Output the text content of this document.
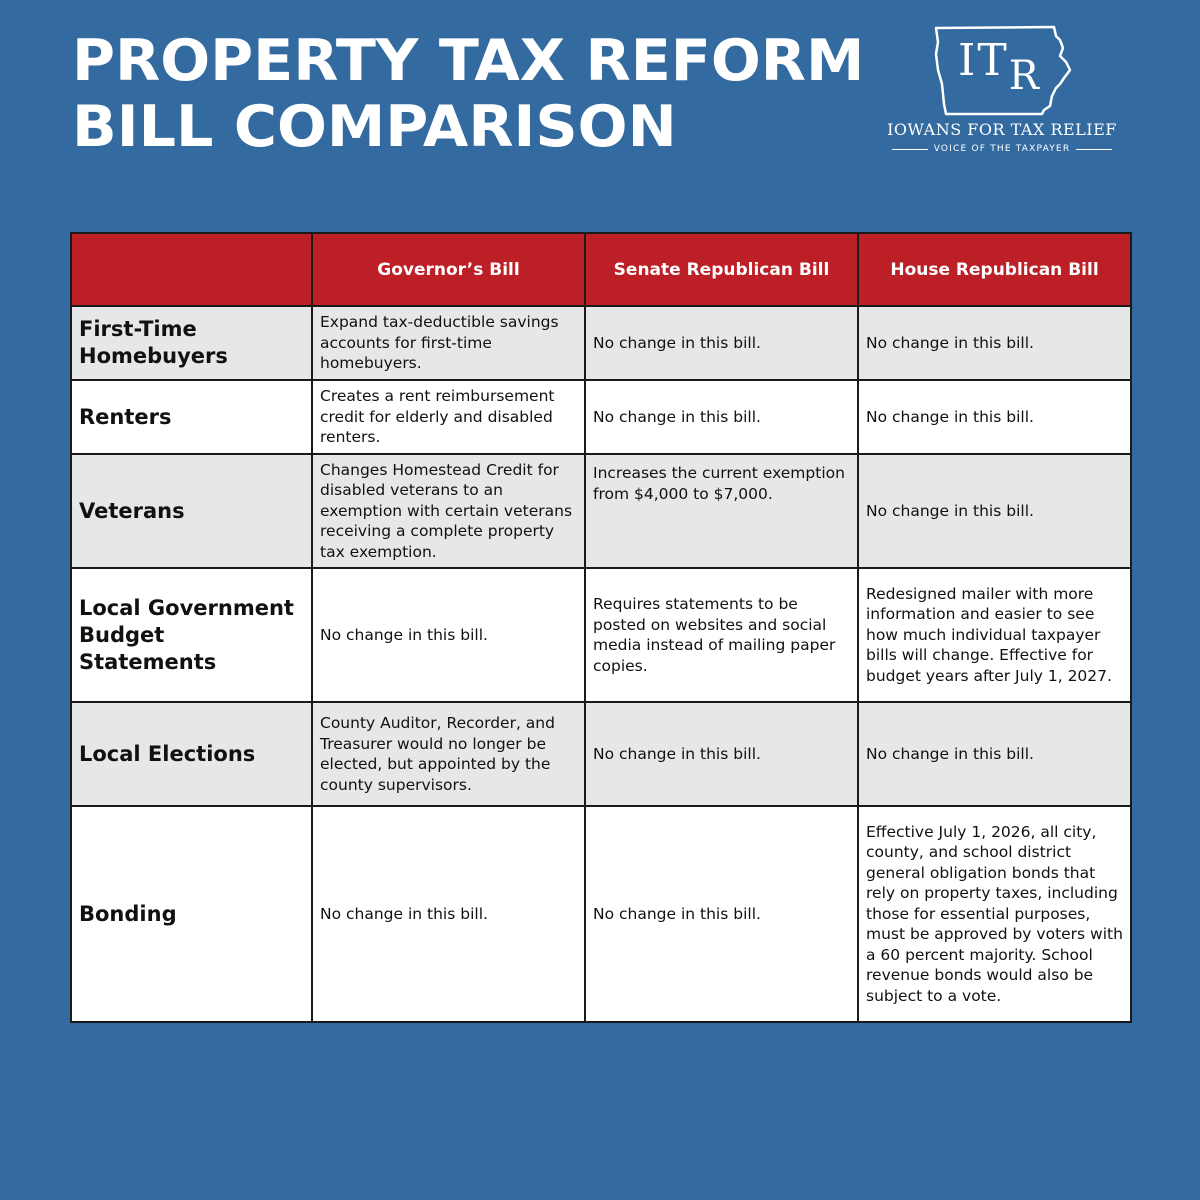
PROPERTY TAX REFORM
BILL COMPARISON
ITR
IOWANS FOR TAX RELIEF
VOICE OF THE TAXPAYER
	Governor’s Bill	Senate Republican Bill	House Republican Bill
First-Time Homebuyers	Expand tax-deductible savings accounts for first-time homebuyers.	No change in this bill.	No change in this bill.
Renters	Creates a rent reimbursement credit for elderly and disabled renters.	No change in this bill.	No change in this bill.
Veterans	Changes Homestead Credit for disabled veterans to an exemption with certain veterans receiving a complete property tax exemption.	Increases the current exemption from $4,000 to $7,000.	No change in this bill.
Local Government Budget Statements	No change in this bill.	Requires statements to be posted on websites and social media instead of mailing paper copies.	Redesigned mailer with more information and easier to see how much individual taxpayer bills will change. Effective for budget years after July 1, 2027.
Local Elections	County Auditor, Recorder, and Treasurer would no longer be elected, but appointed by the county supervisors.	No change in this bill.	No change in this bill.
Bonding	No change in this bill.	No change in this bill.	Effective July 1, 2026, all city, county, and school district general obligation bonds that rely on property taxes, including those for essential purposes, must be approved by voters with a 60 percent majority. School revenue bonds would also be subject to a vote.
